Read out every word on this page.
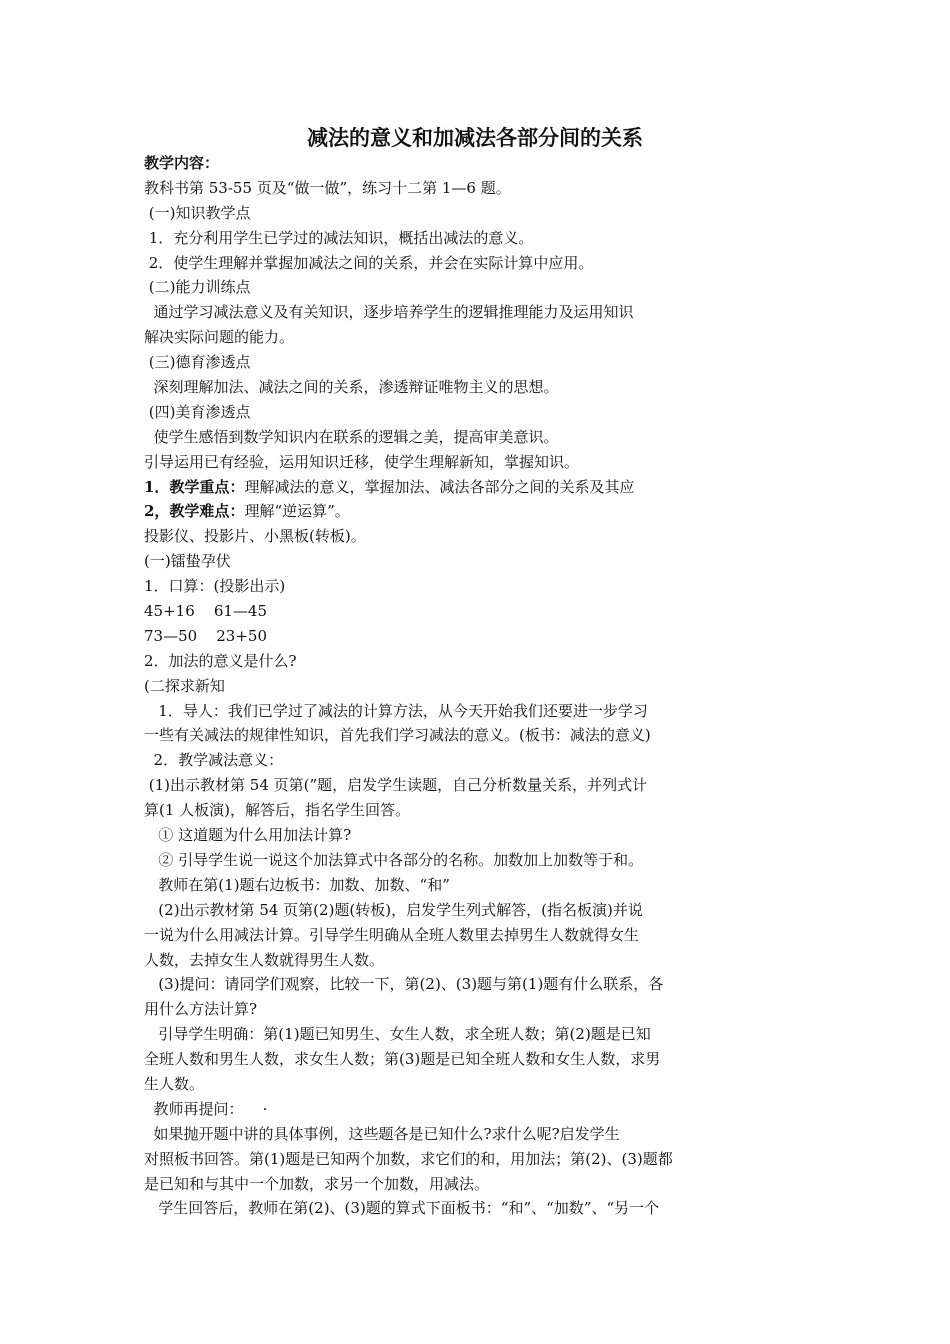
减法的意义和加减法各部分间的关系
教学内容：
教科书第 53-55 页及“做一做”，练习十二第 1—6 题。
(一)知识教学点
1．充分利用学生已学过的减法知识，概括出减法的意义。
2．使学生理解并掌握加减法之间的关系，并会在实际计算中应用。
(二)能力训练点
通过学习减法意义及有关知识，逐步培养学生的逻辑推理能力及运用知识
解决实际问题的能力。
(三)德育渗透点
深刻理解加法、减法之间的关系，渗透辩证唯物主义的思想。
(四)美育渗透点
使学生感悟到数学知识内在联系的逻辑之美，提高审美意识。
引导运用已有经验，运用知识迁移，使学生理解新知，掌握知识。
1．教学重点：理解减法的意义，掌握加法、减法各部分之间的关系及其应
2，教学难点：理解“逆运算”。
投影仪、投影片、小黑板(转板)。
(一)镭蛰孕伏
1．口算：(投影出示)
45+16    61—45
73—50    23+50
2．加法的意义是什么?
(二探求新知
1．导人：我们已学过了减法的计算方法，从今天开始我们还要进一步学习
一些有关减法的规律性知识，首先我们学习减法的意义。(板书：减法的意义)
2．教学减法意义：
(1)出示教材第 54 页第(”题，启发学生读题，自己分析数量关系，并列式计
算(1 人板演)，解答后，指名学生回答。
① 这道题为什么用加法计算?
② 引导学生说一说这个加法算式中各部分的名称。加数加上加数等于和。
教师在第(1)题右边板书：加数、加数、“和”
(2)出示教材第 54 页第(2)题(转板)，启发学生列式解答，(指名板演)并说
一说为什么用减法计算。引导学生明确从全班人数里去掉男生人数就得女生
人数，去掉女生人数就得男生人数。
(3)提问：请同学们观察，比较一下，第(2)、(3)题与第(1)题有什么联系，各
用什么方法计算?
引导学生明确：第(1)题已知男生、女生人数，求全班人数；第(2)题是已知
全班人数和男生人数，求女生人数；第(3)题是已知全班人数和女生人数，求男
生人数。
教师再提问：    ·
如果抛开题中讲的具体事例，这些题各是已知什么?求什么呢?启发学生
对照板书回答。第(1)题是已知两个加数，求它们的和，用加法；第(2)、(3)题都
是已知和与其中一个加数，求另一个加数，用减法。
学生回答后，教师在第(2)、(3)题的算式下面板书：“和”、“加数”、“另一个
